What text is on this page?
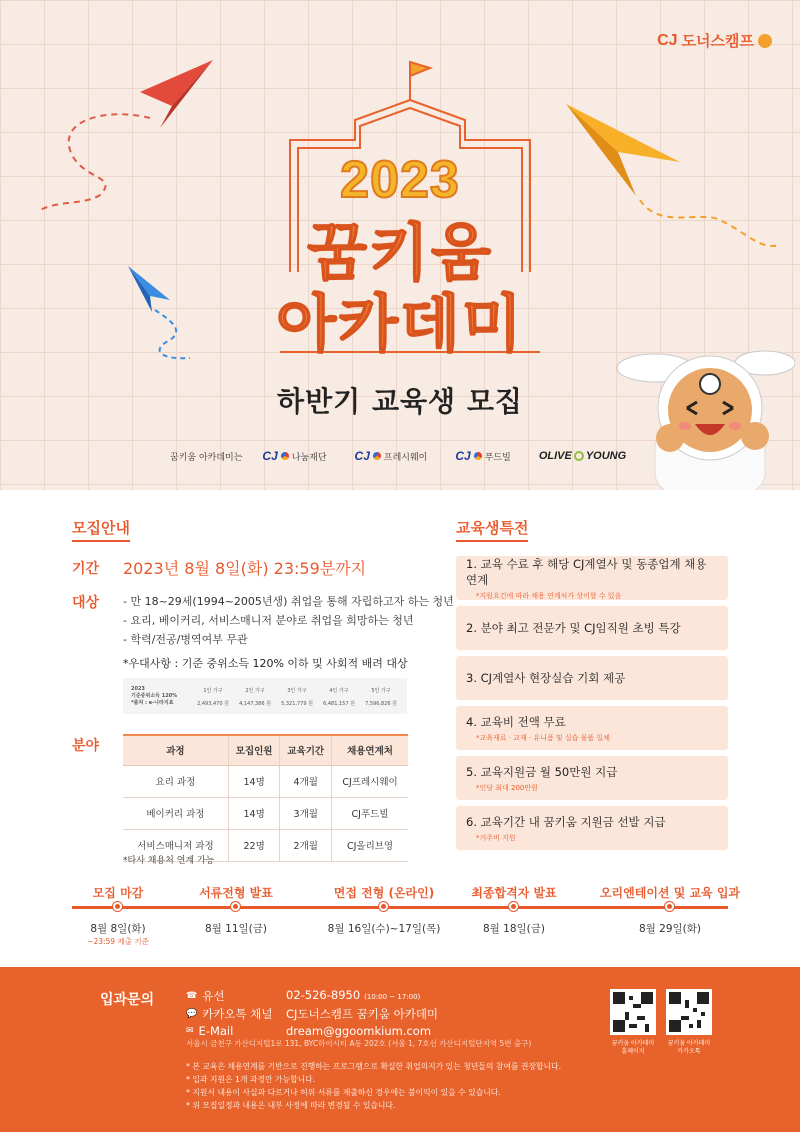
CJ 도너스캠프
2023
꿈키움
아카데미
하반기 교육생 모집
꿈키움 아카데미는 CJ 나눔재단 CJ 프레시웨이 CJ 푸드빌	OLIVE YOUNG
모집안내
기간 2023년 8월 8일(화) 23:59분까지
대상 - 만 18~29세(1994~2005년생) 취업을 통해 자립하고자 하는 청년
- 요리, 베이커리, 서비스매니저 분야로 취업을 희망하는 청년
- 학력/전공/병역여부 무관
*우대사항 : 기준 중위소득 120% 이하 및 사회적 배려 대상
2023
기준중위소득 120%
*출처 : e-나라지표
1인 가구	2인 가구	3인 가구	4인 가구	5인 가구
2,493,470 원	4,147,386 원	5,321,779 원	6,481,157 원	7,596,826 원
분야	과정	모집인원	교육기간	채용연계처
요리 과정	14명	4개월	CJ프레시웨이
베이커리 과정	14명	3개월	CJ푸드빌
서비스매니저 과정	22명	2개월	CJ올리브영
*타사 채용처 연계 가능
교육생특전
1. 교육 수료 후 해당 CJ계열사 및 동종업계 채용 연계
*지원요건에 따라 채용 연계처가 상이할 수 있음
2. 분야 최고 전문가 및 CJ임직원 초빙 특강
3. CJ계열사 현장실습 기회 제공
4. 교육비 전액 무료
*교육재료 · 교재 · 유니폼 및 실습 물품 일체
5. 교육지원금 월 50만원 지급
*인당 최대 200만원
6. 교육기간 내 꿈키움 지원금 선발 지급
*거주비 지원
모집 마감
8월 8일(화)
~23:59 제출 기준
서류전형 발표
8월 11일(금)
면접 전형 (온라인)
8월 16일(수)~17일(목)
최종합격자 발표
8월 18일(금)
오리엔테이션 및 교육 입과
8월 29일(화)
입과문의	☎ 유선	02-526-8950 (10:00 ~ 17:00)
💬 카카오톡 채널 CJ도너스캠프 꿈키움 아카데미
✉ E-Mail	dream@ggoomkium.com
서울시 금천구 가산디지털1로 131, BYC하이시티 A동 202호 (서울 1, 7호선 가산디지털단지역 5번 출구)
* 본 교육은 채용연계를 기반으로 진행하는 프로그램으로 확실한 취업의지가 있는 청년들의 참여를 권장합니다.
* 입과 지원은 1개 과정만 가능합니다.
* 지원서 내용이 사실과 다르거나 허위 서류를 제출하신 경우에는 불이익이 있을 수 있습니다.
* 위 모집일정과 내용은 내부 사정에 따라 변경될 수 있습니다.
꿈키움 아카데미
홈페이지
꿈키움 아카데미
카카오톡
